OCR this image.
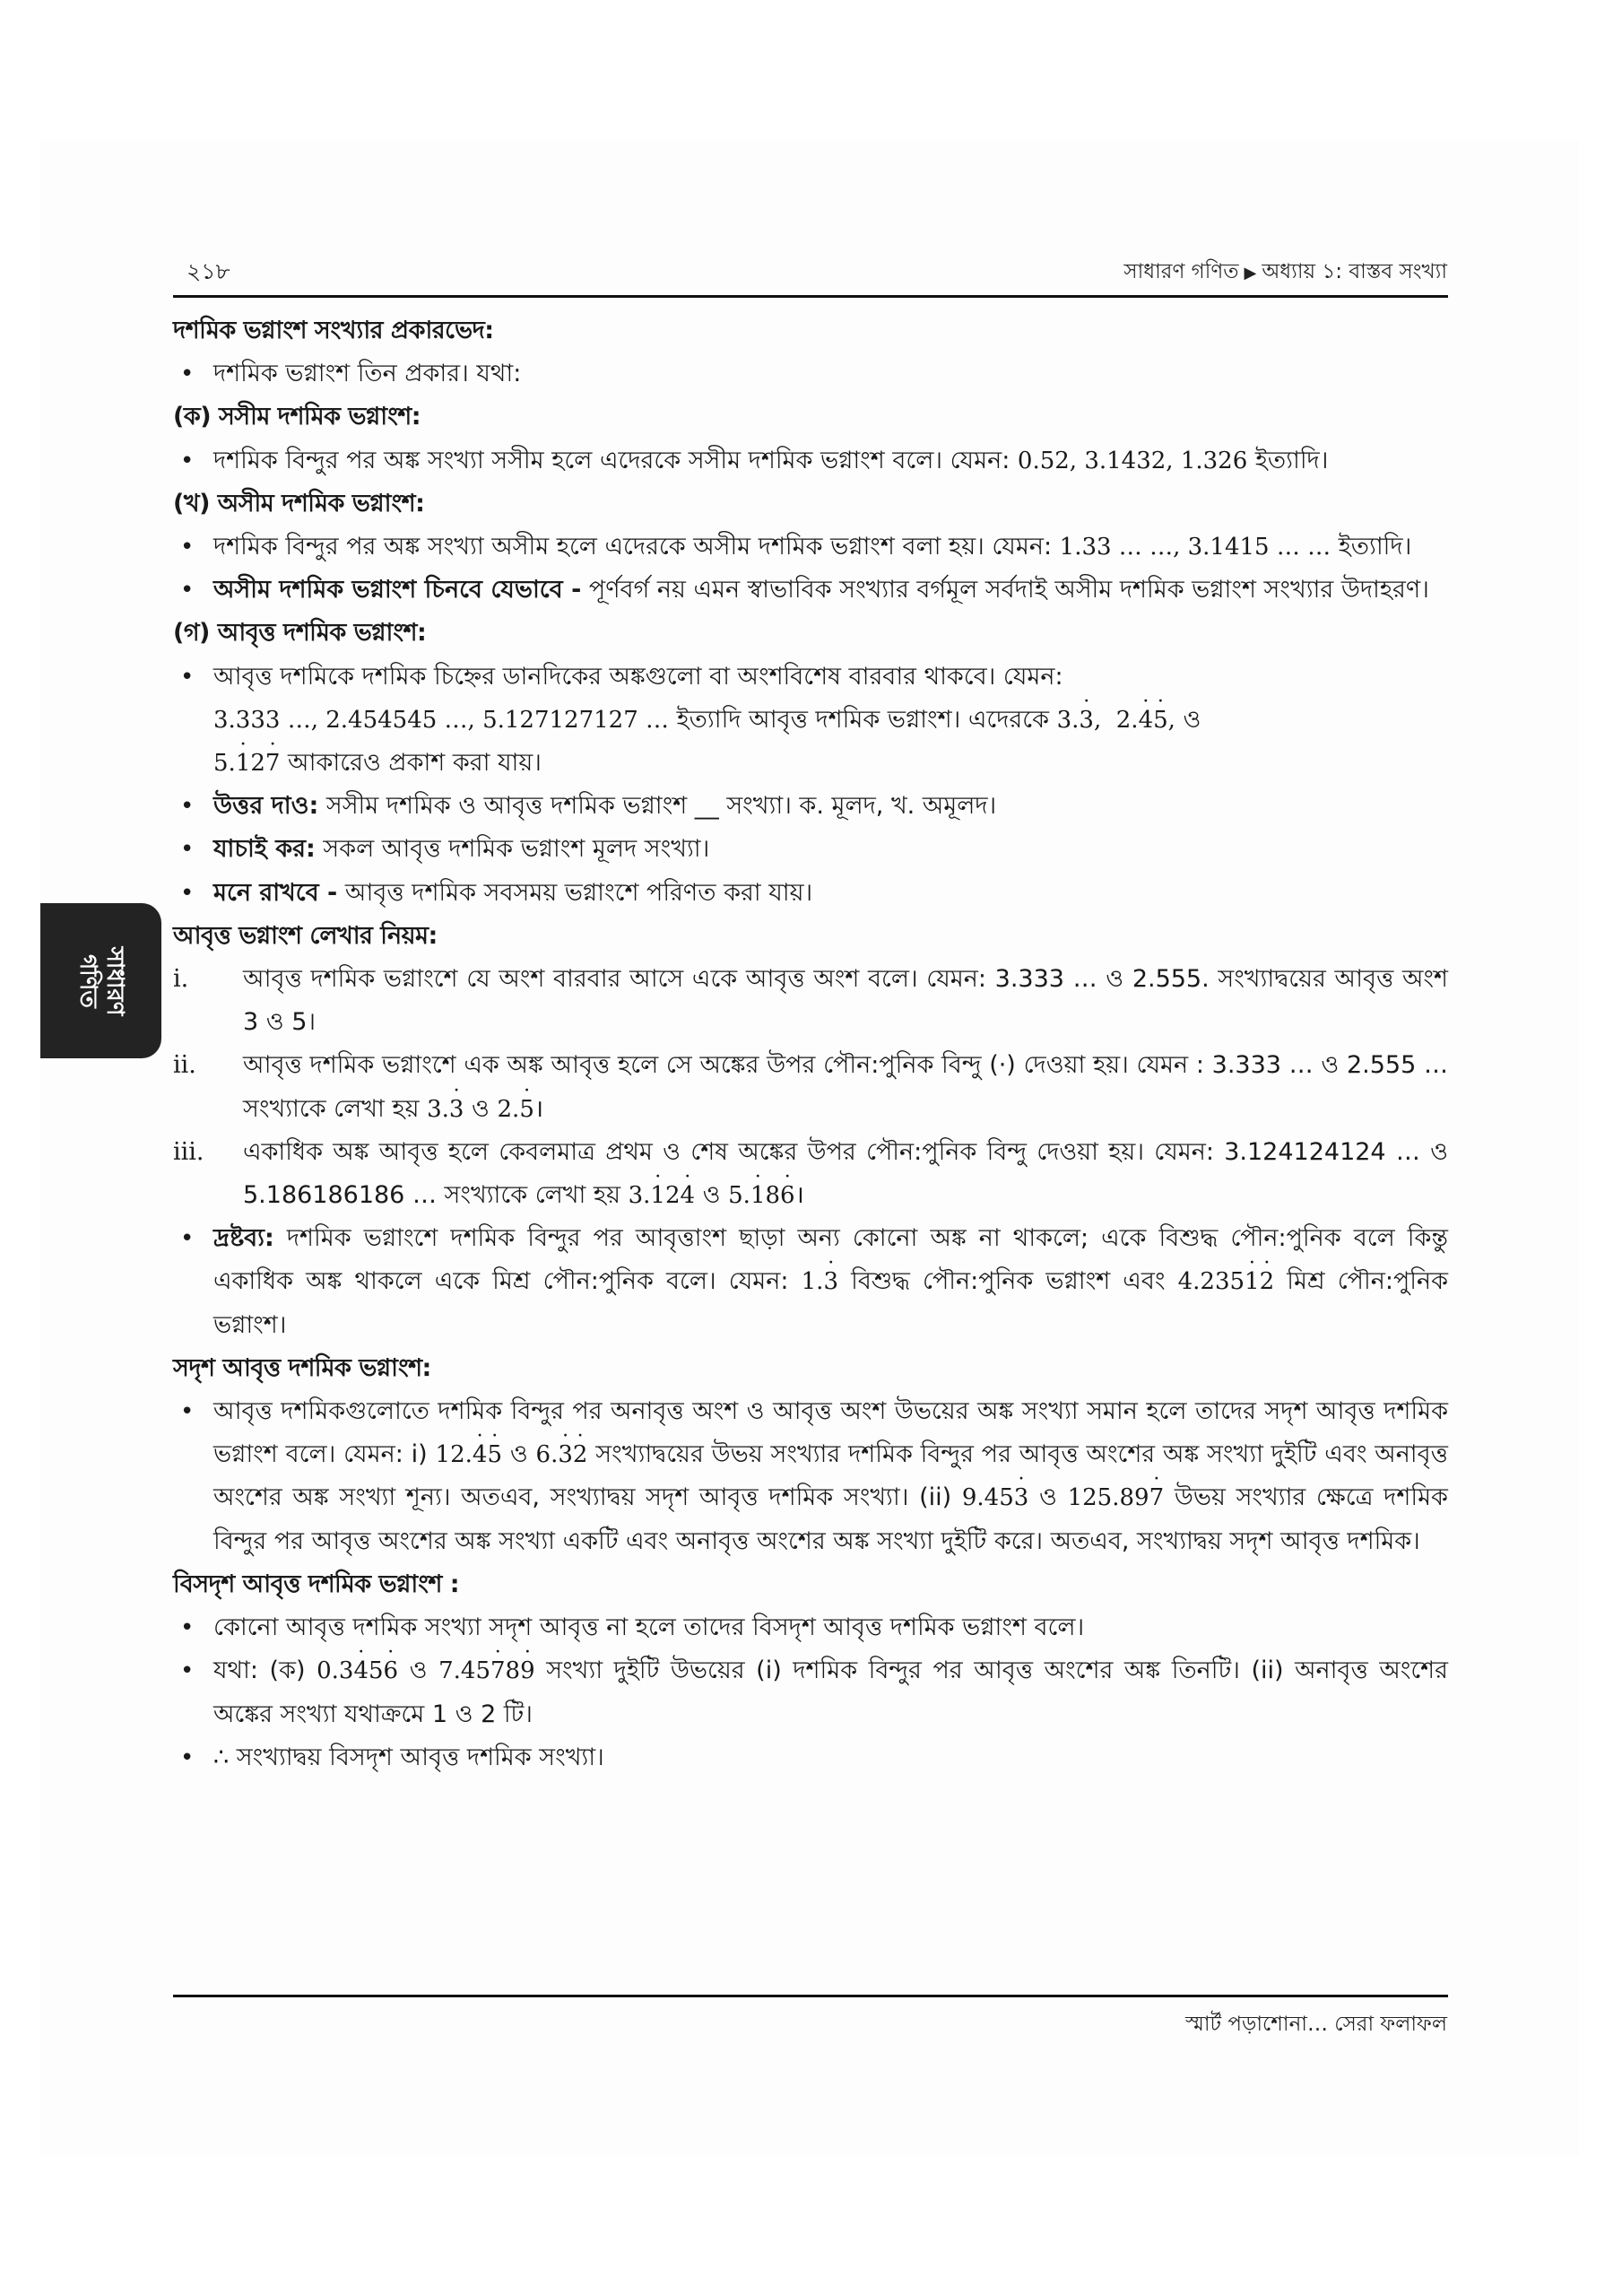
২১৮	সাধারণ গণিত ▶ অধ্যায় ১: বাস্তব সংখ্যা
সাধারণ
গণিত
দশমিক ভগ্নাংশ সংখ্যার প্রকারভেদ:
• দশমিক ভগ্নাংশ তিন প্রকার। যথা:
(ক) সসীম দশমিক ভগ্নাংশ:
• দশমিক বিন্দুর পর অঙ্ক সংখ্যা সসীম হলে এদেরকে সসীম দশমিক ভগ্নাংশ বলে। যেমন: 0.52, 3.1432, 1.326 ইত্যাদি।
(খ) অসীম দশমিক ভগ্নাংশ:
• দশমিক বিন্দুর পর অঙ্ক সংখ্যা অসীম হলে এদেরকে অসীম দশমিক ভগ্নাংশ বলা হয়। যেমন: 1.33 … …, 3.1415 … … ইত্যাদি।
• অসীম দশমিক ভগ্নাংশ চিনবে যেভাবে - পূর্ণবর্গ নয় এমন স্বাভাবিক সংখ্যার বর্গমূল সর্বদাই অসীম দশমিক ভগ্নাংশ সংখ্যার উদাহরণ।
(গ) আবৃত্ত দশমিক ভগ্নাংশ:
• আবৃত্ত দশমিকে দশমিক চিহ্নের ডানদিকের অঙ্কগুলো বা অংশবিশেষ বারবার থাকবে। যেমন:
3.333 …, 2.454545 …, 5.127127127 … ইত্যাদি আবৃত্ত দশমিক ভগ্নাংশ। এদেরকে 3.3 ·,  2.4 ·5 ·, ও
5.1 ·27 · আকারেও প্রকাশ করা যায়।
• উত্তর দাও: সসীম দশমিক ও আবৃত্ত দশমিক ভগ্নাংশ __ সংখ্যা। ক. মূলদ, খ. অমূলদ।
• যাচাই কর: সকল আবৃত্ত দশমিক ভগ্নাংশ মূলদ সংখ্যা।
• মনে রাখবে - আবৃত্ত দশমিক সবসময় ভগ্নাংশে পরিণত করা যায়।
আবৃত্ত ভগ্নাংশ লেখার নিয়ম:
i. আবৃত্ত দশমিক ভগ্নাংশে যে অংশ বারবার আসে একে আবৃত্ত অংশ বলে। যেমন: 3.333 … ও 2.555. সংখ্যাদ্বয়ের আবৃত্ত অংশ 3 ও 5।
ii. আবৃত্ত দশমিক ভগ্নাংশে এক অঙ্ক আবৃত্ত হলে সে অঙ্কের উপর পৌন:পুনিক বিন্দু (·) দেওয়া হয়। যেমন : 3.333 … ও 2.555 … সংখ্যাকে লেখা হয় 3.3 · ও 2.5 ·।
iii. একাধিক অঙ্ক আবৃত্ত হলে কেবলমাত্র প্রথম ও শেষ অঙ্কের উপর পৌন:পুনিক বিন্দু দেওয়া হয়। যেমন: 3.124124124 … ও 5.186186186 … সংখ্যাকে লেখা হয় 3.1 ·24 · ও 5.1 ·86 ·।
• দ্রষ্টব্য: দশমিক ভগ্নাংশে দশমিক বিন্দুর পর আবৃত্তাংশ ছাড়া অন্য কোনো অঙ্ক না থাকলে; একে বিশুদ্ধ পৌন:পুনিক বলে কিন্তু একাধিক অঙ্ক থাকলে একে মিশ্র পৌন:পুনিক বলে। যেমন: 1.3 · বিশুদ্ধ পৌন:পুনিক ভগ্নাংশ এবং 4.2351 ·2 · মিশ্র পৌন:পুনিক ভগ্নাংশ।
সদৃশ আবৃত্ত দশমিক ভগ্নাংশ:
• আবৃত্ত দশমিকগুলোতে দশমিক বিন্দুর পর অনাবৃত্ত অংশ ও আবৃত্ত অংশ উভয়ের অঙ্ক সংখ্যা সমান হলে তাদের সদৃশ আবৃত্ত দশমিক ভগ্নাংশ বলে। যেমন: i) 12.4 ·5 · ও 6.3 ·2 · সংখ্যাদ্বয়ের উভয় সংখ্যার দশমিক বিন্দুর পর আবৃত্ত অংশের অঙ্ক সংখ্যা দুইটি এবং অনাবৃত্ত অংশের অঙ্ক সংখ্যা শূন্য। অতএব, সংখ্যাদ্বয় সদৃশ আবৃত্ত দশমিক সংখ্যা। (ii) 9.453 · ও 125.897 · উভয় সংখ্যার ক্ষেত্রে দশমিক বিন্দুর পর আবৃত্ত অংশের অঙ্ক সংখ্যা একটি এবং অনাবৃত্ত অংশের অঙ্ক সংখ্যা দুইটি করে। অতএব, সংখ্যাদ্বয় সদৃশ আবৃত্ত দশমিক।
বিসদৃশ আবৃত্ত দশমিক ভগ্নাংশ :
• কোনো আবৃত্ত দশমিক সংখ্যা সদৃশ আবৃত্ত না হলে তাদের বিসদৃশ আবৃত্ত দশমিক ভগ্নাংশ বলে।
• যথা: (ক) 0.34 ·56 · ও 7.457 ·89 · সংখ্যা দুইটি উভয়ের (i) দশমিক বিন্দুর পর আবৃত্ত অংশের অঙ্ক তিনটি। (ii) অনাবৃত্ত অংশের অঙ্কের সংখ্যা যথাক্রমে 1 ও 2 টি।
• ∴ সংখ্যাদ্বয় বিসদৃশ আবৃত্ত দশমিক সংখ্যা।
স্মার্ট পড়াশোনা… সেরা ফলাফল
